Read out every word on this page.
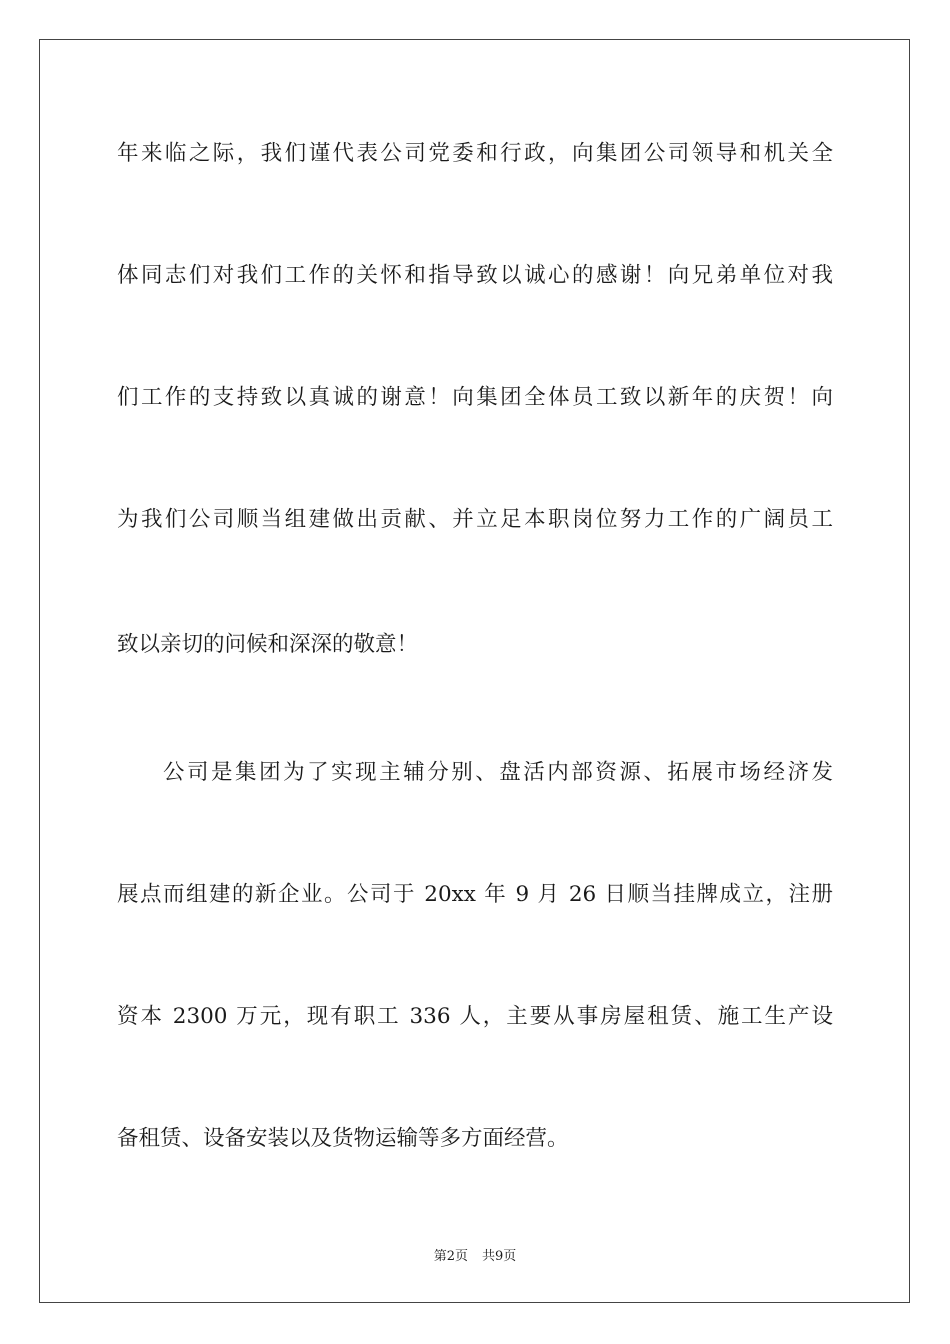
年来临之际，我们谨代表公司党委和行政，向集团公司领导和机关全
体同志们对我们工作的关怀和指导致以诚心的感谢！向兄弟单位对我
们工作的支持致以真诚的谢意！向集团全体员工致以新年的庆贺！向
为我们公司顺当组建做出贡献、并立足本职岗位努力工作的广阔员工
致以亲切的问候和深深的敬意！
公司是集团为了实现主辅分别、盘活内部资源、拓展市场经济发
展点而组建的新企业。公司于 20xx 年 9 月 26 日顺当挂牌成立，注册
资本 2300 万元，现有职工 336 人，主要从事房屋租赁、施工生产设
备租赁、设备安装以及货物运输等多方面经营。
第2页 共9页
